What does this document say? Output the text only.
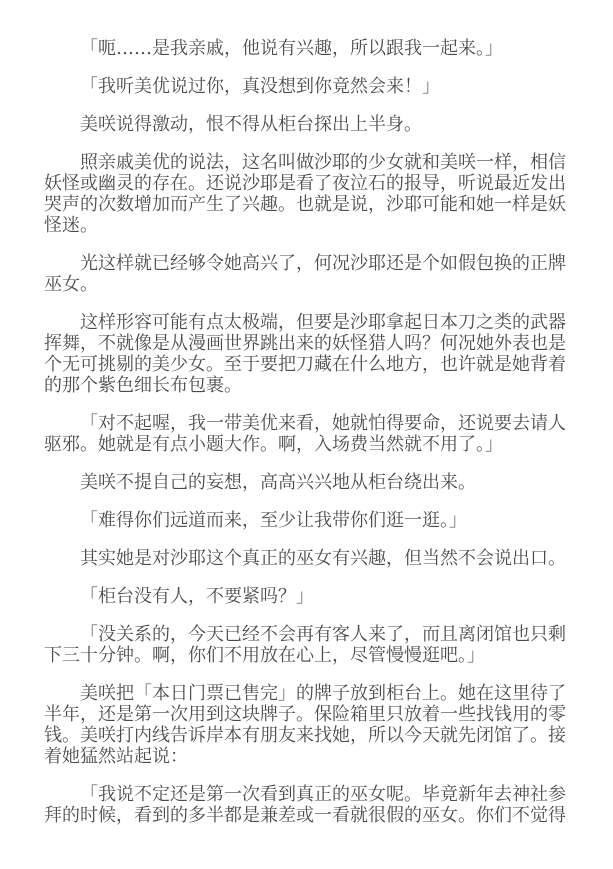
「呃……是我亲戚，他说有兴趣，所以跟我一起来。」

「我听美优说过你，真没想到你竟然会来！」

美咲说得激动，恨不得从柜台探出上半身。

照亲戚美优的说法，这名叫做沙耶的少女就和美咲一样，相信妖怪或幽灵的存在。还说沙耶是看了夜泣石的报导，听说最近发出哭声的次数增加而产生了兴趣。也就是说，沙耶可能和她一样是妖怪迷。

光这样就已经够令她高兴了，何况沙耶还是个如假包换的正牌巫女。

这样形容可能有点太极端，但要是沙耶拿起日本刀之类的武器挥舞，不就像是从漫画世界跳出来的妖怪猎人吗？何况她外表也是个无可挑剔的美少女。至于要把刀藏在什么地方，也许就是她背着的那个紫色细长布包裹。

「对不起喔，我一带美优来看，她就怕得要命，还说要去请人驱邪。她就是有点小题大作。啊，入场费当然就不用了。」

美咲不提自己的妄想，高高兴兴地从柜台绕出来。

「难得你们远道而来，至少让我带你们逛一逛。」

其实她是对沙耶这个真正的巫女有兴趣，但当然不会说出口。

「柜台没有人，不要紧吗？」

「没关系的，今天已经不会再有客人来了，而且离闭馆也只剩下三十分钟。啊，你们不用放在心上，尽管慢慢逛吧。」

美咲把「本日门票已售完」的牌子放到柜台上。她在这里待了半年，还是第一次用到这块牌子。保险箱里只放着一些找钱用的零钱。美咲打内线告诉岸本有朋友来找她，所以今天就先闭馆了。接着她猛然站起说：

「我说不定还是第一次看到真正的巫女呢。毕竟新年去神社参拜的时候，看到的多半都是兼差或一看就很假的巫女。你们不觉得
